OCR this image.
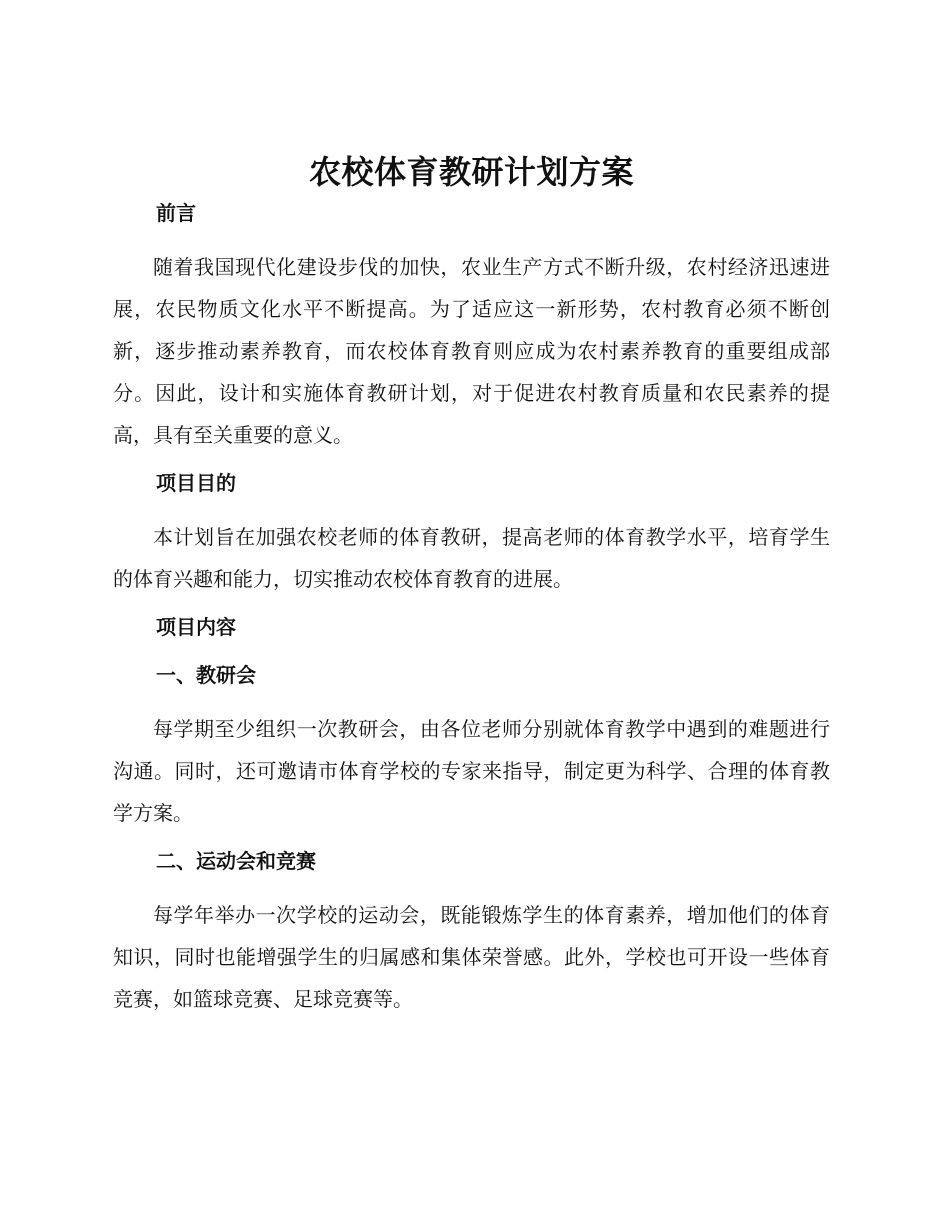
农校体育教研计划方案
前言

随着我国现代化建设步伐的加快，农业生产方式不断升级，农村经济迅速进展，农民物质文化水平不断提高。为了适应这一新形势，农村教育必须不断创新，逐步推动素养教育，而农校体育教育则应成为农村素养教育的重要组成部分。因此，设计和实施体育教研计划，对于促进农村教育质量和农民素养的提高，具有至关重要的意义。

项目目的

本计划旨在加强农校老师的体育教研，提高老师的体育教学水平，培育学生的体育兴趣和能力，切实推动农校体育教育的进展。

项目内容
一、教研会

每学期至少组织一次教研会，由各位老师分别就体育教学中遇到的难题进行沟通。同时，还可邀请市体育学校的专家来指导，制定更为科学、合理的体育教学方案。

二、运动会和竞赛

每学年举办一次学校的运动会，既能锻炼学生的体育素养，增加他们的体育知识，同时也能增强学生的归属感和集体荣誉感。此外，学校也可开设一些体育竞赛，如篮球竞赛、足球竞赛等。
